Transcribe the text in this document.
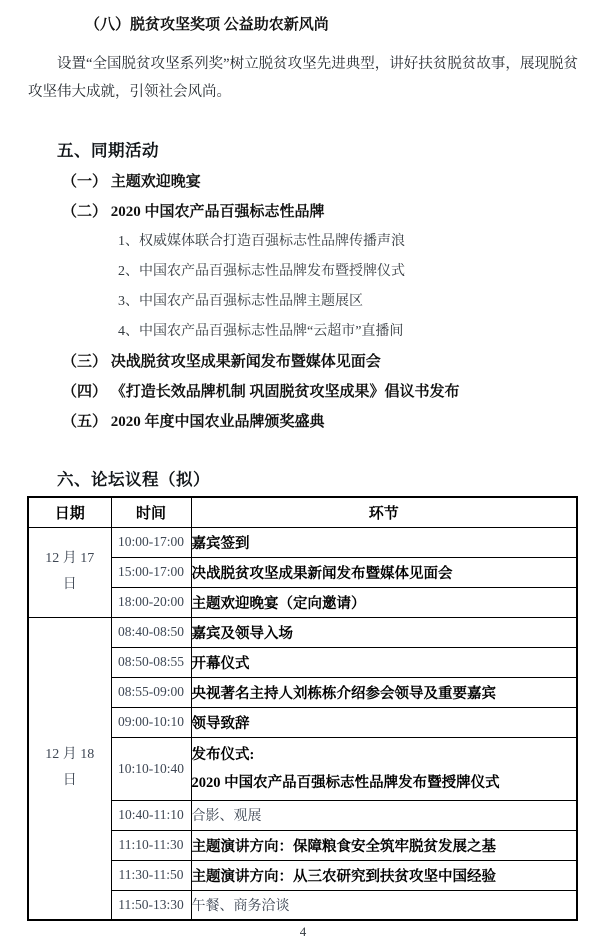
（八）脱贫攻坚奖项 公益助农新风尚
设置“全国脱贫攻坚系列奖”树立脱贫攻坚先进典型，讲好扶贫脱贫故事，展现脱贫攻坚伟大成就，引领社会风尚。
五、同期活动
（一） 主题欢迎晚宴
（二） 2020 中国农产品百强标志性品牌
1、权威媒体联合打造百强标志性品牌传播声浪
2、中国农产品百强标志性品牌发布暨授牌仪式
3、中国农产品百强标志性品牌主题展区
4、中国农产品百强标志性品牌“云超市”直播间
（三） 决战脱贫攻坚成果新闻发布暨媒体见面会
（四） 《打造长效品牌机制 巩固脱贫攻坚成果》倡议书发布
（五） 2020 年度中国农业品牌颁奖盛典
六、论坛议程（拟）
日期	时间	环节

12 月 17
日	10:00-17:00	嘉宾签到
	15:00-17:00	决战脱贫攻坚成果新闻发布暨媒体见面会
	18:00-20:00	主题欢迎晚宴（定向邀请）

12 月 18
日	08:40-08:50	嘉宾及领导入场
	08:50-08:55	开幕仪式
	08:55-09:00	央视著名主持人刘栋栋介绍参会领导及重要嘉宾
	09:00-10:10	领导致辞
	10:10-10:40	发布仪式:
2020 中国农产品百强标志性品牌发布暨授牌仪式

	10:40-11:10	合影、观展
	11:10-11:30	主题演讲方向：保障粮食安全筑牢脱贫发展之基
	11:30-11:50	主题演讲方向：从三农研究到扶贫攻坚中国经验
	11:50-13:30	午餐、商务洽谈
4
